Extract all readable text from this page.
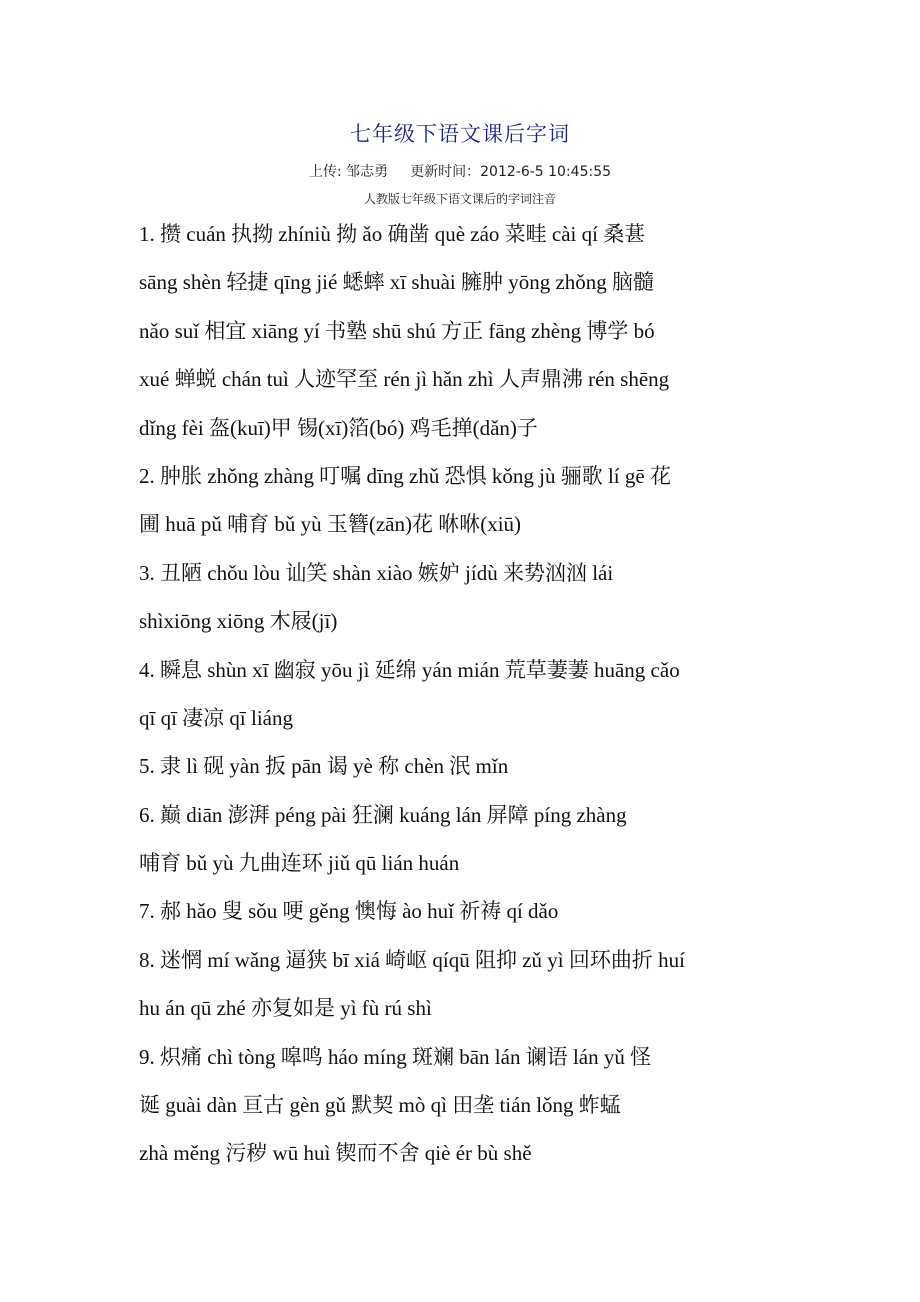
七年级下语文课后字词
上传: 邹志勇 更新时间：2012-6-5 10:45:55
人教版七年级下语文课后的字词注音
1. 攒 cuán 执拗 zhíniù 拗 ǎo 确凿 què záo 菜畦 cài qí 桑葚
sāng shèn 轻捷 qīng jié 蟋蟀 xī shuài 臃肿 yōng zhǒng 脑髓
nǎo suǐ 相宜 xiāng yí 书塾 shū shú 方正 fāng zhèng 博学 bó
xué 蝉蜕 chán tuì 人迹罕至 rén jì hǎn zhì 人声鼎沸 rén shēng
dǐng fèi 盔(kuī)甲 锡(xī)箔(bó) 鸡毛掸(dǎn)子
2. 肿胀 zhǒng zhàng 叮嘱 dīng zhǔ 恐惧 kǒng jù 骊歌 lí gē 花
圃 huā pǔ 哺育 bǔ yù 玉簪(zān)花 咻咻(xiū)
3. 丑陋 chǒu lòu 讪笑 shàn xiào 嫉妒 jídù 来势汹汹 lái
shìxiōng xiōng 木屐(jī)
4. 瞬息 shùn xī 幽寂 yōu jì 延绵 yán mián 荒草萋萋 huāng cǎo
qī qī 凄凉 qī liáng
5. 隶 lì 砚 yàn 扳 pān 谒 yè 称 chèn 泯 mǐn
6. 巅 diān 澎湃 péng pài 狂澜 kuáng lán 屏障 píng zhàng
哺育 bǔ yù 九曲连环 jiǔ qū lián huán
7. 郝 hǎo 叟 sǒu 哽 gěng 懊悔 ào huǐ 祈祷 qí dǎo
8. 迷惘 mí wǎng 逼狭 bī xiá 崎岖 qíqū 阻抑 zǔ yì 回环曲折 huí
hu án qū zhé 亦复如是 yì fù rú shì
9. 炽痛 chì tòng 嗥鸣 háo míng 斑斓 bān lán 谰语 lán yǔ 怪
诞 guài dàn 亘古 gèn gǔ 默契 mò qì 田垄 tián lǒng 蚱蜢
zhà měng 污秽 wū huì 锲而不舍 qiè ér bù shě
